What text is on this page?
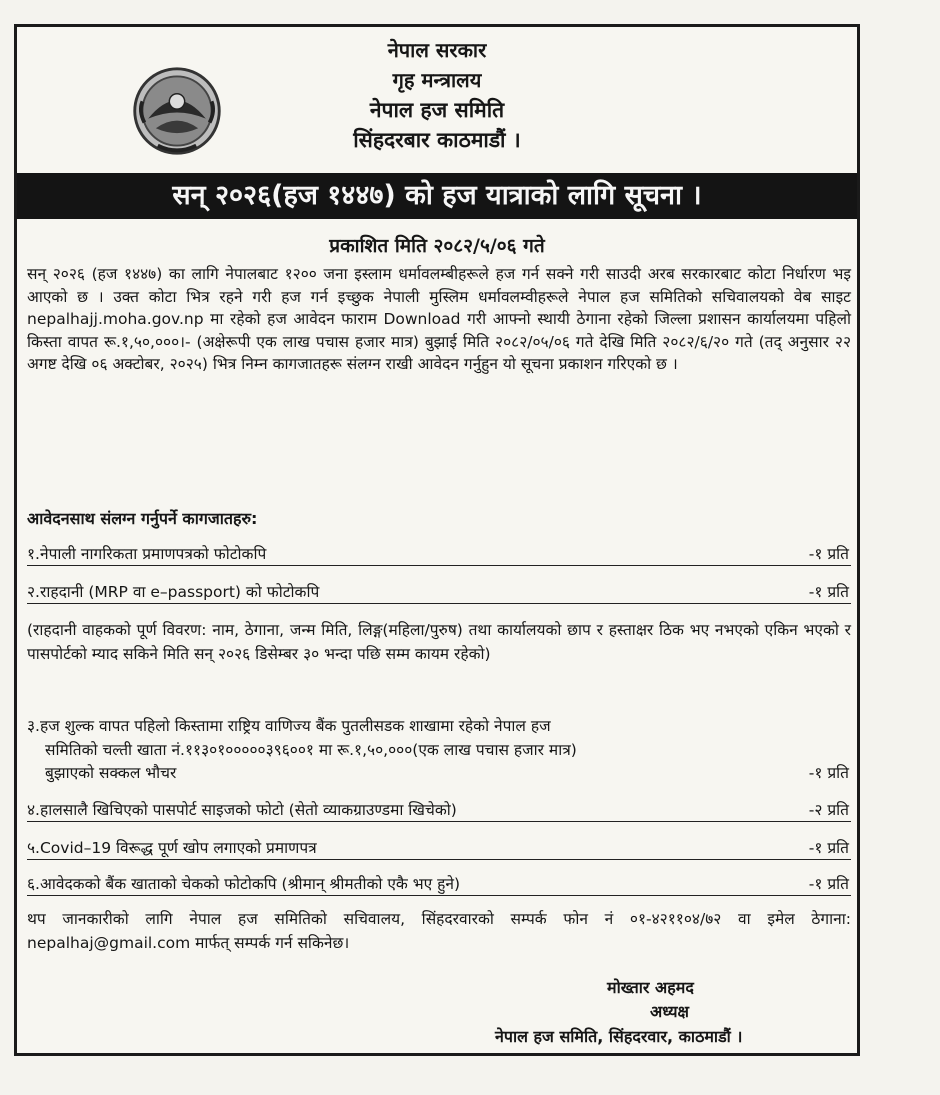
नेपाल सरकार
गृह मन्त्रालय
नेपाल हज समिति
सिंहदरबार काठमाडौं ।
सन् २०२६(हज १४४७) को हज यात्राको लागि सूचना ।
प्रकाशित मिति २०८२/५/०६ गते
सन् २०२६ (हज १४४७) का लागि नेपालबाट १२०० जना इस्लाम धर्मावलम्बीहरूले हज गर्न सक्ने गरी साउदी अरब सरकारबाट कोटा निर्धारण भइ आएको छ । उक्त कोटा भित्र रहने गरी हज गर्न इच्छुक नेपाली मुस्लिम धर्मावलम्वीहरूले नेपाल हज समितिको सचिवालयको वेब साइट nepalhajj.moha.gov.np मा रहेको हज आवेदन फाराम Download गरी आफ्नो स्थायी ठेगाना रहेको जिल्ला प्रशासन कार्यालयमा पहिलो किस्ता वापत रू.१,५०,०००।- (अक्षेरूपी एक लाख पचास हजार मात्र) बुझाई मिति २०८२/०५/०६ गते देखि मिति २०८२/६/२० गते (तद् अनुसार २२ अगष्ट देखि ०६ अक्टोबर, २०२५) भित्र निम्न कागजातहरू संलग्न राखी आवेदन गर्नुहुन यो सूचना प्रकाशन गरिएको छ ।
आवेदनसाथ संलग्न गर्नुपर्ने कागजातहरु:
१.नेपाली नागरिकता प्रमाणपत्रको फोटोकपि	-१ प्रति
२.राहदानी (MRP वा e–passport) को फोटोकपि	-१ प्रति
(राहदानी वाहकको पूर्ण विवरण: नाम, ठेगाना, जन्म मिति, लिङ्ग(महिला/पुरुष) तथा कार्यालयको छाप र हस्ताक्षर ठिक भए नभएको एकिन भएको र पासपोर्टको म्याद सकिने मिति सन् २०२६ डिसेम्बर ३० भन्दा पछि सम्म कायम रहेको)
३.हज शुल्क वापत पहिलो किस्तामा राष्ट्रिय वाणिज्य बैंक पुतलीसडक शाखामा रहेको नेपाल हज
समितिको चल्ती खाता नं.११३०१०००००३९६००१ मा रू.१,५०,०००(एक लाख पचास हजार मात्र)
बुझाएको सक्कल भौचर	-१ प्रति
४.हालसालै खिचिएको पासपोर्ट साइजको फोटो (सेतो व्याकग्राउण्डमा खिचेको)	-२ प्रति
५.Covid–19 विरूद्ध पूर्ण खोप लगाएको प्रमाणपत्र	-१ प्रति
६.आवेदकको बैंक खाताको चेकको फोटोकपि (श्रीमान् श्रीमतीको एकै भए हुने)	-१ प्रति
थप जानकारीको लागि नेपाल हज समितिको सचिवालय, सिंहदरवारको सम्पर्क फोन नं ०१-४२११०४/७२ वा इमेल ठेगाना: nepalhaj@gmail.com मार्फत् सम्पर्क गर्न सकिनेछ।
मोख्तार अहमद
अध्यक्ष
नेपाल हज समिति, सिंहदरवार, काठमाडौं ।
